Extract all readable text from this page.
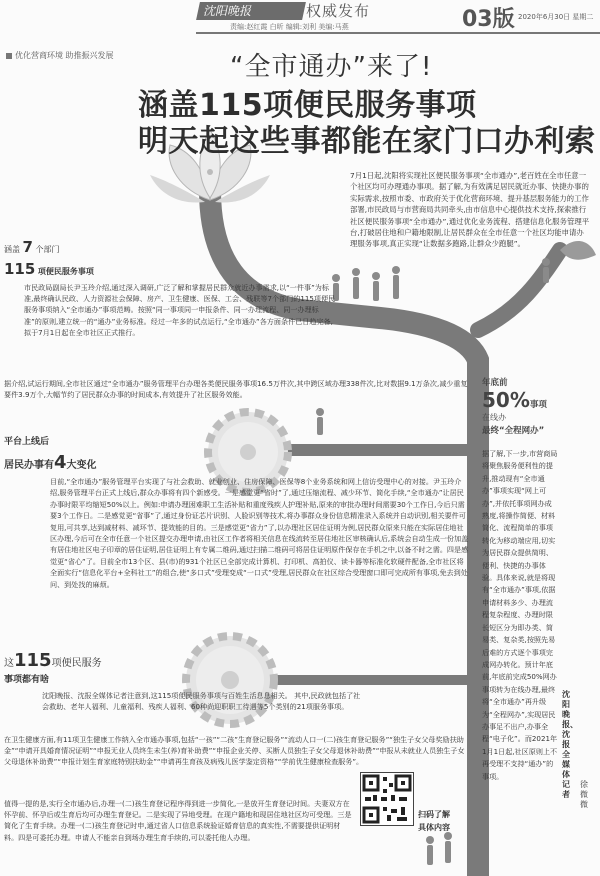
沈阳晚报	权威发布
责编:赵红霞 白昕 编辑:刘利 美编:马燕	03版 2020年6月30日 星期二
优化营商环境 助推振兴发展	“全市通办”来了!
涵盖115项便民服务事项
明天起这些事都能在家门口办利索
7月1日起,沈阳将实现社区便民服务事项“全市通办”,老百姓在全市任意一个社区均可办理通办事项。据了解,为有效满足居民就近办事、快捷办事的实际需求,按照市委、市政府关于优化营商环境、提升基层服务能力的工作部署,市民政局与市营商局共同牵头,由市信息中心提供技术支持,探索推行社区便民服务事项“全市通办”,通过优化业务流程、搭建信息化服务管理平台,打破居住地和户籍地限制,让居民群众在全市任意一个社区均能申请办理服务事项,真正实现“让数据多跑路,让群众少跑腿”。
涵盖 7 个部门
115 项便民服务事项
市民政局副局长尹玉玲介绍,通过深入调研,广泛了解和掌握居民群众就近办事需求,以“一件事”为标准,最终确认民政、人力资源社会保障、房产、卫生健康、医保、工会、残联等7个部门的115项便民服务事项纳入“全市通办”事项范畴。按照“同一事项同一申报条件、同一办理流程、同一办理标准”的原则,建立统一的“通办”业务标准。经过一年多的试点运行,“全市通办”各方面条件已日趋完备,拟于7月1日起在全市社区正式推行。
据介绍,试运行期间,全市社区通过“全市通办”服务管理平台办理各类便民服务事项16.5万件次,其中跨区域办理338件次,比对数据9.1万条次,减少重复要件3.9万个,大幅节约了居民群众办事的时间成本,有效提升了社区服务效能。
平台上线后
居民办事有4大变化
目前,“全市通办”服务管理平台实现了与社会救助、就业创业、住房保障、医保等8个业务系统和网上信访受理中心的对接。尹玉玲介绍,服务管理平台正式上线后,群众办事将有四个新感受。一是感觉更“省时”了,通过压缩流程、减少环节、简化手续,“全市通办”让居民办事时限平均缩短50%以上。例如:申请办理困难职工生活补贴和重度残疾人护理补贴,原来的审批办理时间需要30个工作日,今后只需要3个工作日。二是感觉更“省事”了,通过身份证芯片识别、人脸识别等技术,将办事群众身份信息精准录入系统并自动识别,相关要件可复用,可共享,达到减材料、减环节、提效能的目的。三是感觉更“省力”了,以办理社区居住证明为例,居民群众原来只能在实际居住地社区办理,今后可在全市任意一个社区提交办理申请,由社区工作者将相关信息在线流转至居住地社区审核确认后,系统会自动生成一份加盖有居住地社区电子印章的居住证明,居住证明上有专属二维码,通过扫描二维码可将居住证明原件保存在手机之中,以备不时之需。四是感觉更“省心”了。目前全市13个区、县(市)的931个社区已全部完成计算机、打印机、高拍仪、读卡器等标准化软硬件配备,全市社区将全面实行“信息化平台+全科社工”的组合,使“多口式”受理变成“一口式”受理,居民群众在社区综合受理窗口即可完成所有事项,免去到处问、到处找的麻烦。
这115项便民服务
事项都有啥
沈阳晚报、沈报全媒体记者注意到,这115项便民服务事项与百姓生活息息相关。 其中,民政就包括了社会救助、老年人福利、儿童福利、残疾人福利、60种尚迎职职工待遇等5个类别的21项服务事项。
在卫生健康方面,有11项卫生健康工作纳入全市通办事项,包括“一孩”“二孩”生育登记服务”“流动人口一(二)孩生育登记服务”“独生子女父母奖励扶助金”“申请开具婚育情况证明”“申报无业人员终生未生(养)育补助费”“申报企业关停、买断人员独生子女父母退休补助费”“申报从未就业人员独生子女父母退休补助费”“申报计划生育家庭特别扶助金”“申请再生育孩及病残儿医学鉴定资格”“学前优生健康检查服务”。
值得一提的是,实行全市通办后,办理一(二)孩生育登记程序得到进一步简化,一是放开生育登记时间。夫妻双方在怀孕前、怀孕后或生育后均可办理生育登记。二是实现了异地受理。在现户籍地和现居住地社区均可受理。三是简化了生育手续。办理一(二)孩生育登记时申,通过省人口信息系统验证婚育信息的真实性,不需要提供证明材料。四是可委托办理。申请人不能亲自到场办理生育手续的,可以委托他人办理。
扫码了解
具体内容
年底前
50%事项
在线办
最终“全程网办”
据了解,下一步,市营商局将聚焦服务便利性的提升,推动现有“全市通办”事项实现“网上可办”,并依托事项网办成熟度,将操作简便、材料简化、流程简单的事项转化为移动端应用,切实为居民群众提供简明、便利、快捷的办事体验。具体来说,就是将现有“全市通办”事项,依据申请材料多少、办理流程复杂程度、办理时限长短区分为即办类、简易类、复杂类,按照先易后难的方式逐个事项完成网办转化。预计年底前,年底前完成50%网办事项转为在线办理,最终将“全市通办”再升级为“全程网办”,实现居民办事足不出户,办事全程“电子化”。而2021年1月1日起,社区原则上不再受理不支持“通办”的事项。
沈阳晚报、沈报全媒体记者
徐微微
